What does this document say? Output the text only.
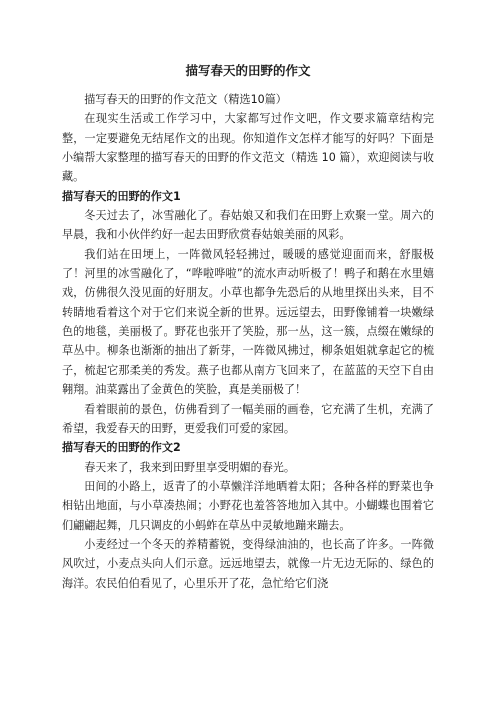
描写春天的田野的作文

描写春天的田野的作文范文（精选10篇）

在现实生活或工作学习中，大家都写过作文吧，作文要求篇章结构完整，一定要避免无结尾作文的出现。你知道作文怎样才能写的好吗？下面是小编帮大家整理的描写春天的田野的作文范文（精选 10 篇），欢迎阅读与收藏。

描写春天的田野的作文1

冬天过去了，冰雪融化了。春姑娘又和我们在田野上欢聚一堂。周六的早晨，我和小伙伴约好一起去田野欣赏春姑娘美丽的风彩。

我们站在田埂上，一阵微风轻轻拂过，暖暖的感觉迎面而来，舒服极了！河里的冰雪融化了，“哗啦哗啦”的流水声动听极了！鸭子和鹅在水里嬉戏，仿佛很久没见面的好朋友。小草也都争先恐后的从地里探出头来，目不转睛地看着这个对于它们来说全新的世界。远远望去，田野像铺着一块嫩绿色的地毯，美丽极了。野花也张开了笑脸，那一丛，这一簇，点缀在嫩绿的草丛中。柳条也渐渐的抽出了新芽，一阵微风拂过，柳条姐姐就拿起它的梳子，梳起它那柔美的秀发。燕子也都从南方飞回来了，在蓝蓝的天空下自由翱翔。油菜露出了金黄色的笑脸，真是美丽极了！

看着眼前的景色，仿佛看到了一幅美丽的画卷，它充满了生机，充满了希望，我爱春天的田野，更爱我们可爱的家园。

描写春天的田野的作文2

春天来了，我来到田野里享受明媚的春光。

田间的小路上，返青了的小草懒洋洋地晒着太阳；各种各样的野菜也争相钻出地面，与小草凑热闹；小野花也羞答答地加入其中。小蝴蝶也围着它们翩翩起舞，几只调皮的小蚂蚱在草丛中灵敏地蹦来蹦去。

小麦经过一个冬天的养精蓄锐，变得绿油油的，也长高了许多。一阵微风吹过，小麦点头向人们示意。远远地望去，就像一片无边无际的、绿色的海洋。农民伯伯看见了，心里乐开了花，急忙给它们浇
